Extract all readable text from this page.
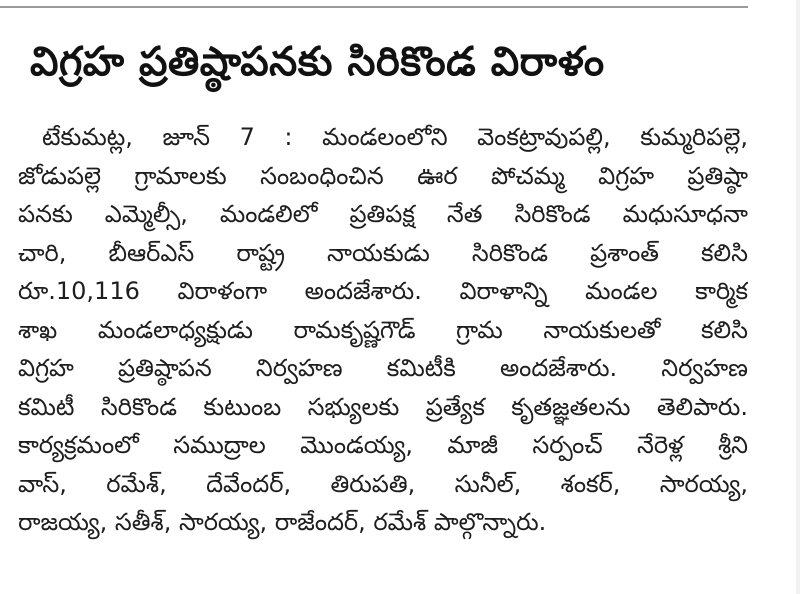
విగ్రహ ప్రతిష్ఠాపనకు సిరికొండ విరాళం
టేకుమట్ల, జూన్ 7 : మండలంలోని వెంకట్రావుపల్లి, కుమ్మరిపల్లె,
జోడుపల్లె గ్రామాలకు సంబంధించిన ఊర పోచమ్మ విగ్రహ ప్రతిష్ఠా
పనకు ఎమ్మెల్సీ, మండలిలో ప్రతిపక్ష నేత సిరికొండ మధుసూధనా
చారి, బీఆర్ఎస్ రాష్ట్ర నాయకుడు సిరికొండ ప్రశాంత్ కలిసి
రూ.10,116 విరాళంగా అందజేశారు. విరాళాన్ని మండల కార్మిక
శాఖ మండలాధ్యక్షుడు రామకృష్ణగౌడ్ గ్రామ నాయకులతో కలిసి
విగ్రహ ప్రతిష్ఠాపన నిర్వహణ కమిటీకి అందజేశారు. నిర్వహణ
కమిటీ సిరికొండ కుటుంబ సభ్యులకు ప్రత్యేక కృతజ్ఞతలను తెలిపారు.
కార్యక్రమంలో సముద్రాల మొండయ్య, మాజీ సర్పంచ్ నేరెళ్ల శ్రీని
వాస్, రమేశ్, దేవేందర్, తిరుపతి, సునీల్, శంకర్, సారయ్య,
రాజయ్య, సతీశ్, సారయ్య, రాజేందర్, రమేశ్ పాల్గొన్నారు.
